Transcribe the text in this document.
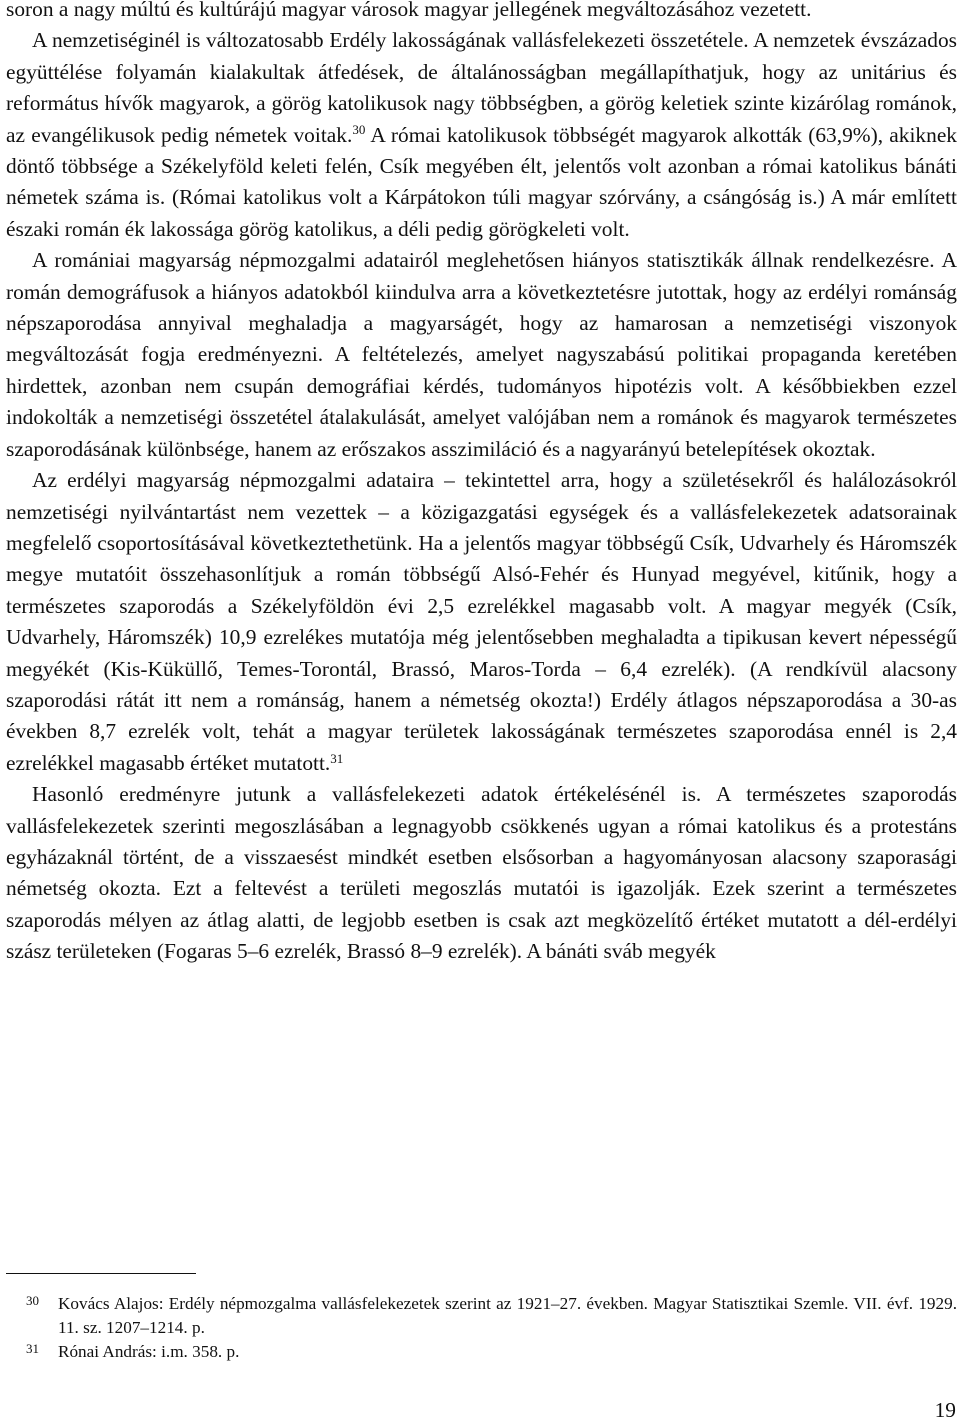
soron a nagy múltú és kultúrájú magyar városok magyar jellegének megváltozásához vezetett.

A nemzetiséginél is változatosabb Erdély lakosságának vallásfelekezeti összetétele. A nemzetek évszázados együttélése folyamán kialakultak átfedések, de általánosságban megállapíthatjuk, hogy az unitárius és református hívők magyarok, a görög katolikusok nagy többségben, a görög keletiek szinte kizárólag románok, az evangélikusok pedig németek voitak.$^{30}$ A római katolikusok többségét magyarok alkották (63,9%), akiknek döntő többsége a Székelyföld keleti felén, Csík megyében élt, jelentős volt azonban a római katolikus bánáti németek száma is. (Római katolikus volt a Kárpátokon túli magyar szórvány, a csángóság is.) A már említett északi román ék lakossága görög katolikus, a déli pedig görögkeleti volt.

A romániai magyarság népmozgalmi adatairól meglehetősen hiányos statisztikák állnak rendelkezésre. A román demográfusok a hiányos adatokból kiindulva arra a következtetésre jutottak, hogy az erdélyi románság népszaporodása annyival meghaladja a magyarságét, hogy az hamarosan a nemzetiségi viszonyok megváltozását fogja eredményezni. A feltételezés, amelyet nagyszabású politikai propaganda keretében hirdettek, azonban nem csupán demográfiai kérdés, tudományos hipotézis volt. A későbbiekben ezzel indokolták a nemzetiségi összetétel átalakulását, amelyet valójában nem a románok és magyarok természetes szaporodásának különbsége, hanem az erőszakos asszimiláció és a nagyarányú betelepítések okoztak.

Az erdélyi magyarság népmozgalmi adataira – tekintettel arra, hogy a születésekről és halálozásokról nemzetiségi nyilvántartást nem vezettek – a közigazgatási egységek és a vallásfelekezetek adatsorainak megfelelő csoportosításával következtethetünk. Ha a jelentős magyar többségű Csík, Udvarhely és Háromszék megye mutatóit összehasonlítjuk a román többségű Alsó-Fehér és Hunyad megyével, kitűnik, hogy a természetes szaporodás a Székelyföldön évi 2,5 ezrelékkel magasabb volt. A magyar megyék (Csík, Udvarhely, Háromszék) 10,9 ezrelékes mutatója még jelentősebben meghaladta a tipikusan kevert népességű megyékét (Kis-Küküllő, Temes-Torontál, Brassó, Maros-Torda – 6,4 ezrelék). (A rendkívül alacsony szaporodási rátát itt nem a románság, hanem a németség okozta!) Erdély átlagos népszaporodása a 30-as években 8,7 ezrelék volt, tehát a magyar területek lakosságának természetes szaporodása ennél is 2,4 ezrelékkel magasabb értéket mutatott.$^{31}$

Hasonló eredményre jutunk a vallásfelekezeti adatok értékelésénél is. A természetes szaporodás vallásfelekezetek szerinti megoszlásában a legnagyobb csökkenés ugyan a római katolikus és a protestáns egyházaknál történt, de a visszaesést mindkét esetben elsősorban a hagyományosan alacsony szaporasági németség okozta. Ezt a feltevést a területi megoszlás mutatói is igazolják. Ezek szerint a természetes szaporodás mélyen az átlag alatti, de legjobb esetben is csak azt megközelítő értéket mutatott a dél-erdélyi szász területeken (Fogaras 5–6 ezrelék, Brassó 8–9 ezrelék). A bánáti sváb megyék

30	Kovács Alajos: Erdély népmozgalma vallásfelekezetek szerint az 1921–27. években. Magyar Statisztikai Szemle. VII. évf. 1929. 11. sz. 1207–1214. p.
31	Rónai András: i.m. 358. p.
19
